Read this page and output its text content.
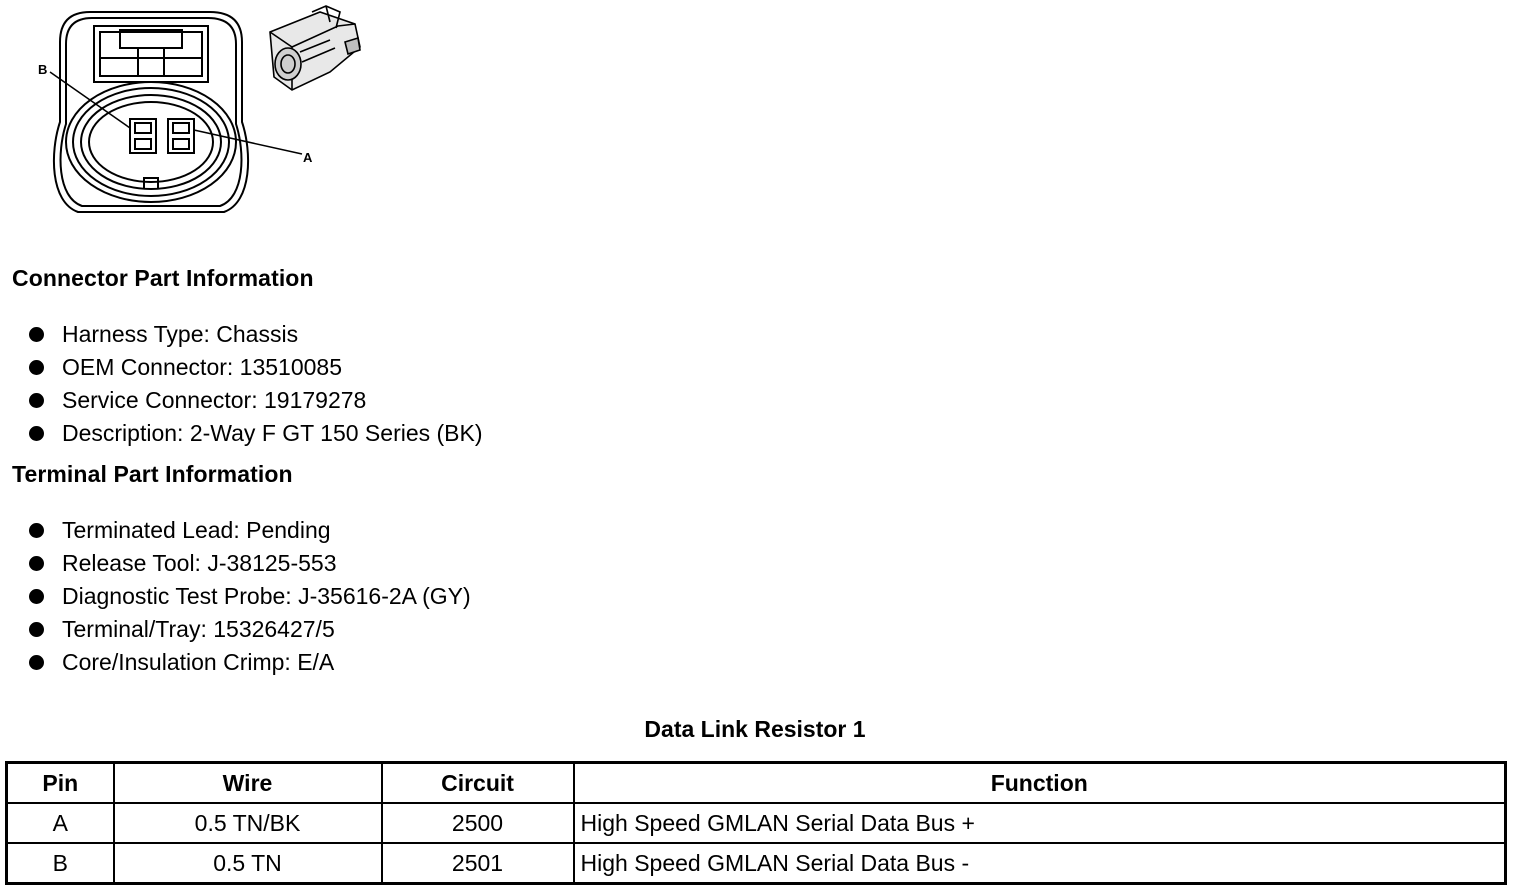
B
A
Connector Part Information
Harness Type: Chassis
OEM Connector: 13510085
Service Connector: 19179278
Description: 2-Way F GT 150 Series (BK)
Terminal Part Information
Terminated Lead: Pending
Release Tool: J-38125-553
Diagnostic Test Probe: J-35616-2A (GY)
Terminal/Tray: 15326427/5
Core/Insulation Crimp: E/A
Data Link Resistor 1
Pin	Wire	Circuit	Function
A	0.5 TN/BK	2500	High Speed GMLAN Serial Data Bus +
B	0.5 TN	2501	High Speed GMLAN Serial Data Bus -
